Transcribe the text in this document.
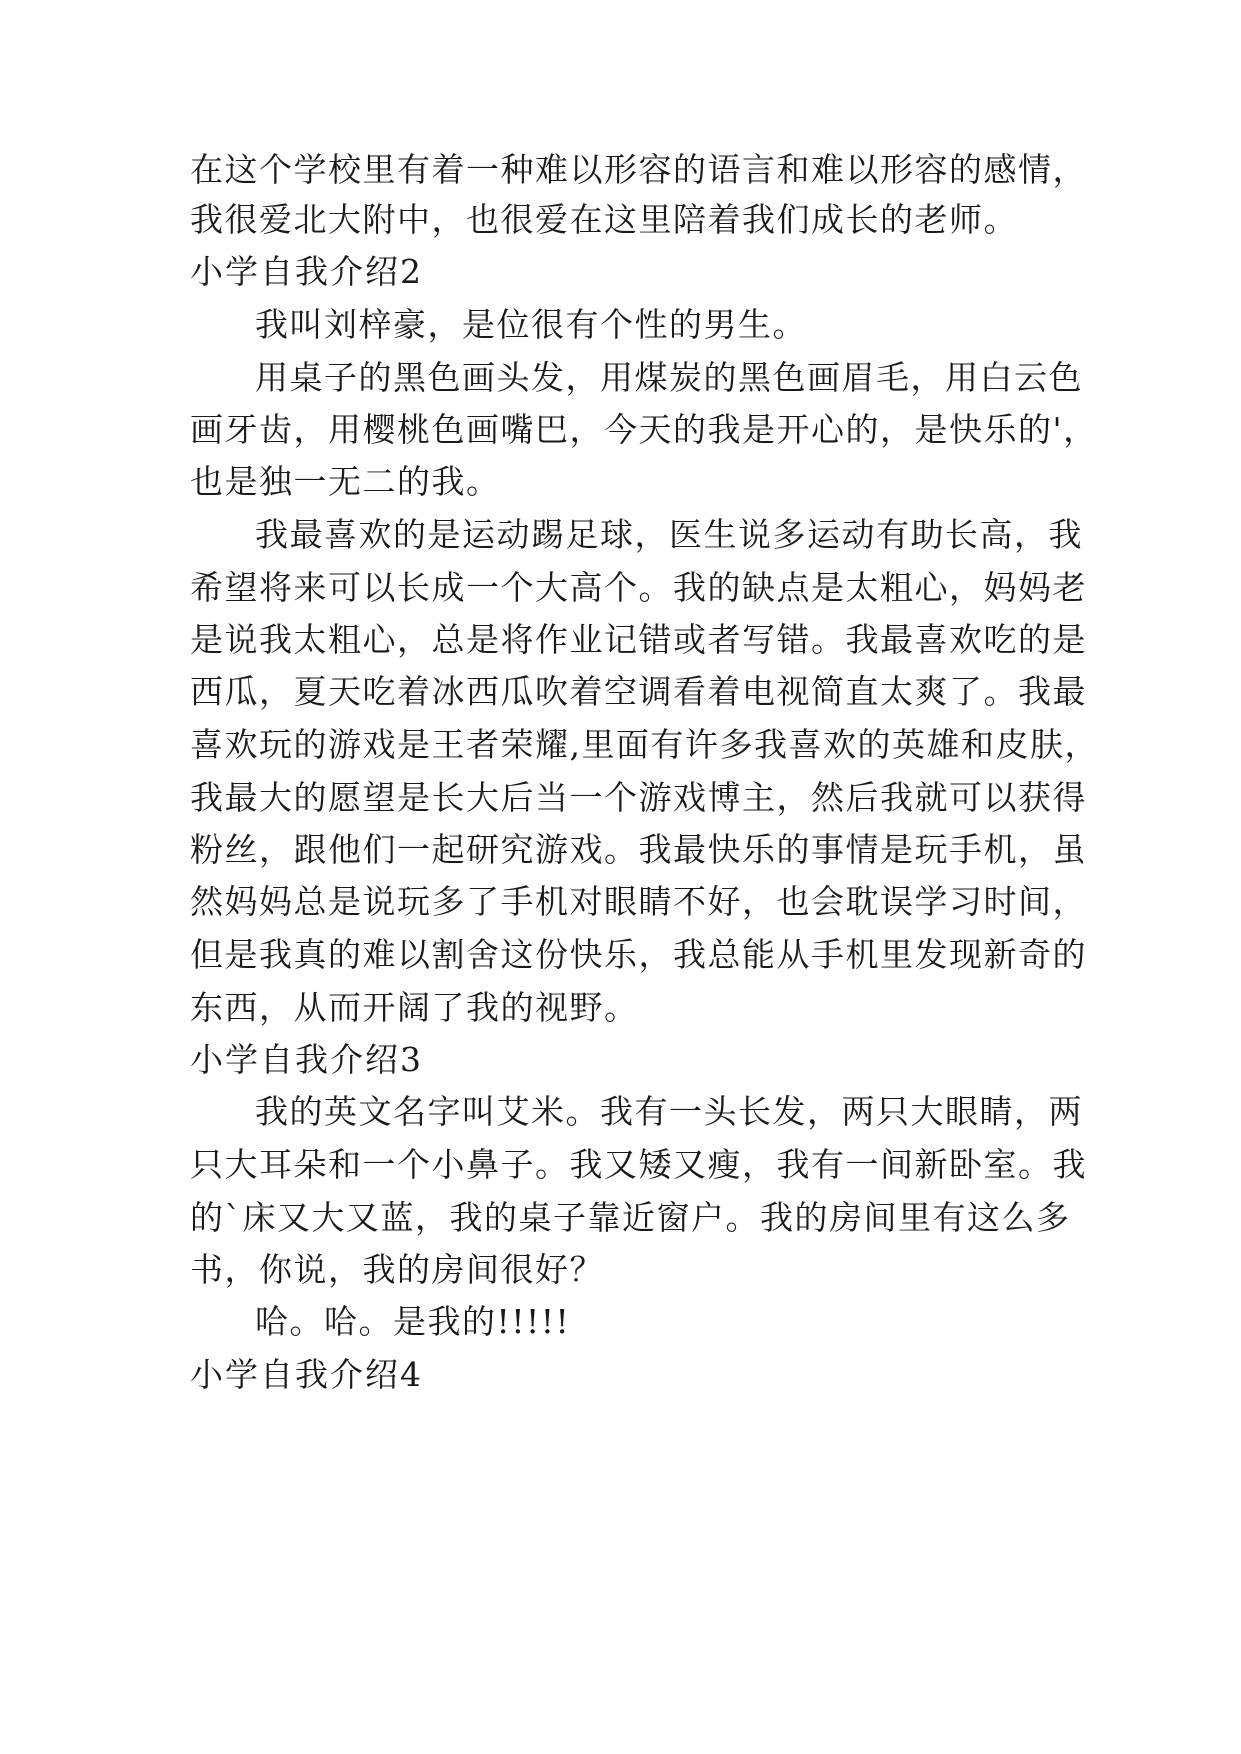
在这个学校里有着一种难以形容的语言和难以形容的感情，
我很爱北大附中，也很爱在这里陪着我们成长的老师。
小学自我介绍2
我叫刘梓豪，是位很有个性的男生。
用桌子的黑色画头发，用煤炭的黑色画眉毛，用白云色
画牙齿，用樱桃色画嘴巴，今天的我是开心的，是快乐的'，
也是独一无二的我。
我最喜欢的是运动踢足球，医生说多运动有助长高，我
希望将来可以长成一个大高个。我的缺点是太粗心，妈妈老
是说我太粗心，总是将作业记错或者写错。我最喜欢吃的是
西瓜，夏天吃着冰西瓜吹着空调看着电视简直太爽了。我最
喜欢玩的游戏是王者荣耀,里面有许多我喜欢的英雄和皮肤，
我最大的愿望是长大后当一个游戏博主，然后我就可以获得
粉丝，跟他们一起研究游戏。我最快乐的事情是玩手机，虽
然妈妈总是说玩多了手机对眼睛不好，也会耽误学习时间，
但是我真的难以割舍这份快乐，我总能从手机里发现新奇的
东西，从而开阔了我的视野。
小学自我介绍3
我的英文名字叫艾米。我有一头长发，两只大眼睛，两
只大耳朵和一个小鼻子。我又矮又瘦，我有一间新卧室。我
的`床又大又蓝，我的桌子靠近窗户。我的房间里有这么多
书，你说，我的房间很好？
哈。哈。是我的!!!!!
小学自我介绍4
